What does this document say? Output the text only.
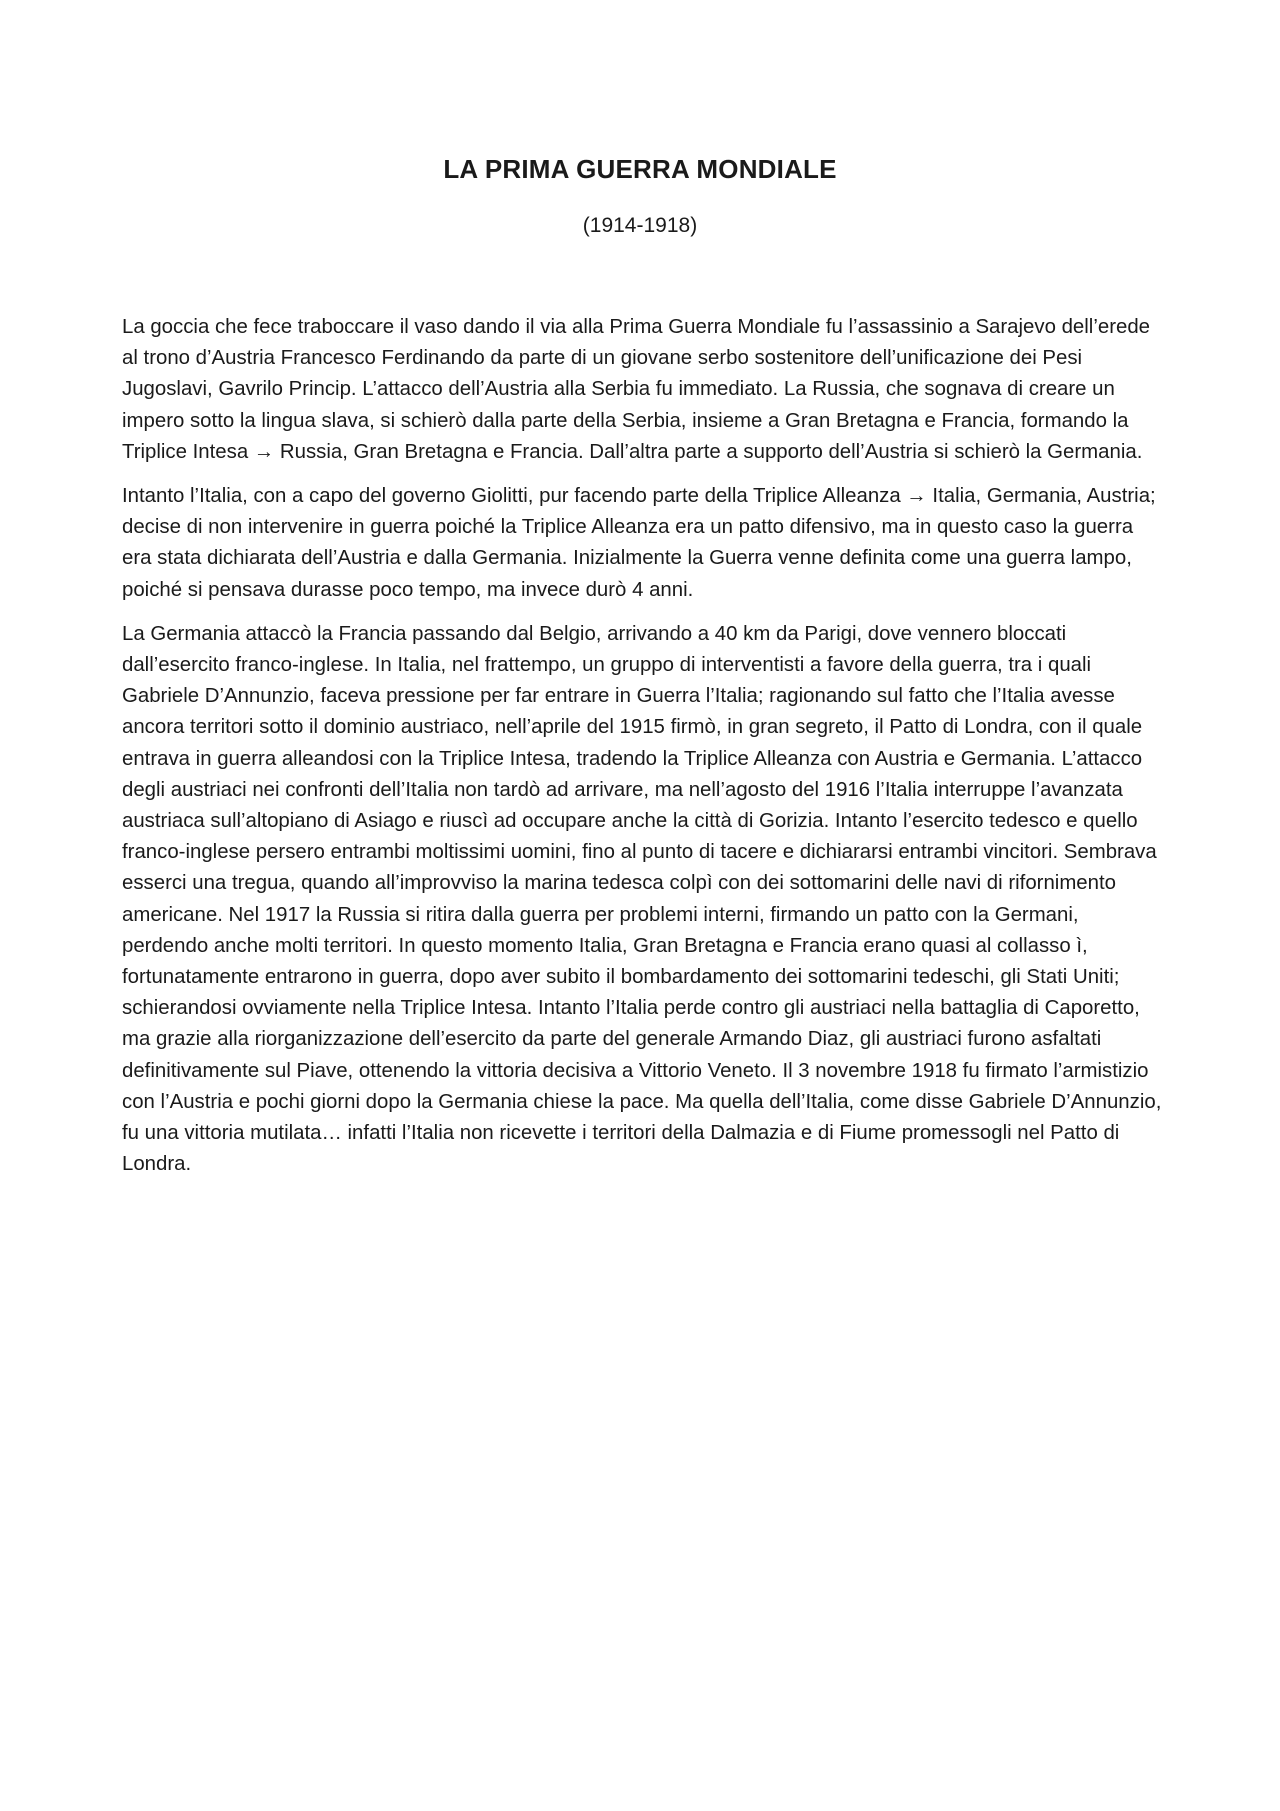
LA PRIMA GUERRA MONDIALE
(1914-1918)

La goccia che fece traboccare il vaso dando il via alla Prima Guerra Mondiale fu l’assassinio a Sarajevo dell’erede al trono d’Austria Francesco Ferdinando da parte di un giovane serbo sostenitore dell’unificazione dei Pesi Jugoslavi, Gavrilo Princip. L’attacco dell’Austria alla Serbia fu immediato. La Russia, che sognava di creare un impero sotto la lingua slava, si schierò dalla parte della Serbia, insieme a Gran Bretagna e Francia, formando la Triplice Intesa → Russia, Gran Bretagna e Francia. Dall’altra parte a supporto dell’Austria si schierò la Germania.

Intanto l’Italia, con a capo del governo Giolitti, pur facendo parte della Triplice Alleanza → Italia, Germania, Austria; decise di non intervenire in guerra poiché la Triplice Alleanza era un patto difensivo, ma in questo caso la guerra era stata dichiarata dell’Austria e dalla Germania. Inizialmente la Guerra venne definita come una guerra lampo, poiché si pensava durasse poco tempo, ma invece durò 4 anni.

La Germania attaccò la Francia passando dal Belgio, arrivando a 40 km da Parigi, dove vennero bloccati dall’esercito franco-inglese. In Italia, nel frattempo, un gruppo di interventisti a favore della guerra, tra i quali Gabriele D’Annunzio, faceva pressione per far entrare in Guerra l’Italia; ragionando sul fatto che l’Italia avesse ancora territori sotto il dominio austriaco, nell’aprile del 1915 firmò, in gran segreto, il Patto di Londra, con il quale entrava in guerra alleandosi con la Triplice Intesa, tradendo la Triplice Alleanza con Austria e Germania. L’attacco degli austriaci nei confronti dell’Italia non tardò ad arrivare, ma nell’agosto del 1916 l’Italia interruppe l’avanzata austriaca sull’altopiano di Asiago e riuscì ad occupare anche la città di Gorizia. Intanto l’esercito tedesco e quello franco-inglese persero entrambi moltissimi uomini, fino al punto di tacere e dichiararsi entrambi vincitori. Sembrava esserci una tregua, quando all’improvviso la marina tedesca colpì con dei sottomarini delle navi di rifornimento americane. Nel 1917 la Russia si ritira dalla guerra per problemi interni, firmando un patto con la Germani, perdendo anche molti territori. In questo momento Italia, Gran Bretagna e Francia erano quasi al collasso ì, fortunatamente entrarono in guerra, dopo aver subito il bombardamento dei sottomarini tedeschi, gli Stati Uniti; schierandosi ovviamente nella Triplice Intesa. Intanto l’Italia perde contro gli austriaci nella battaglia di Caporetto, ma grazie alla riorganizzazione dell’esercito da parte del generale Armando Diaz, gli austriaci furono asfaltati definitivamente sul Piave, ottenendo la vittoria decisiva a Vittorio Veneto. Il 3 novembre 1918 fu firmato l’armistizio con l’Austria e pochi giorni dopo la Germania chiese la pace. Ma quella dell’Italia, come disse Gabriele D’Annunzio, fu una vittoria mutilata… infatti l’Italia non ricevette i territori della Dalmazia e di Fiume promessogli nel Patto di Londra.
